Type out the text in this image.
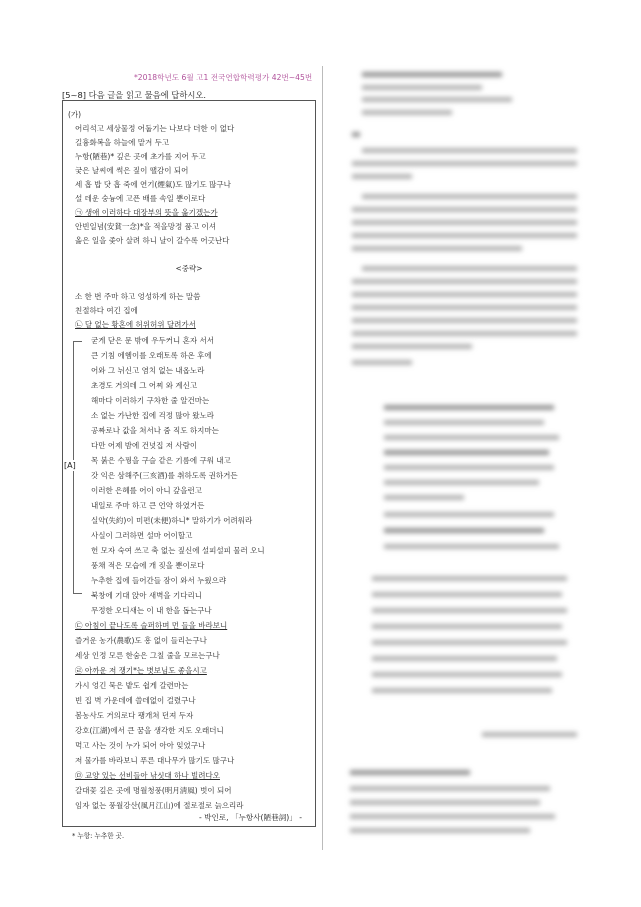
*2018학년도 6월 고1 전국연합학력평가 42번~45번
[5~8] 다음 글을 읽고 물음에 답하시오.
(가)
어리석고 세상물정 어둡기는 나보다 더한 이 없다
길흉화복을 하늘에 맡겨 두고
누항(陋巷)* 깊은 곳에 초가를 지어 두고
궂은 날씨에 썩은 짚이 땔감이 되어
세 홉 밥 닷 홉 죽에 연기(煙氣)도 많기도 많구나
설 데운 숭늉에 고픈 배를 속일 뿐이로다
㉠ 생애 이러하다 대장부의 뜻을 옮기겠는가
안빈일념(安貧一念)*을 적을망정 품고 이셔
옳은 일을 좇아 살려 하니 날이 갈수록 어긋난다
<중략>
소 한 번 주마 하고 엉성하게 하는 말씀
친절하다 여긴 집에
㉡ 달 없는 황혼에 허위허위 달려가서
[A]
굳게 닫은 문 밖에 우두커니 혼자 서서
큰 기침 에헴이를 오래토록 하온 후에
어와 그 뉘신고 염치 없는 내옵노라
초경도 거의데 그 어찌 와 계신고
해마다 이러하기 구차한 줄 알건마는
소 없는 가난한 집에 걱정 많아 왔노라
공짜로나 값을 쳐서나 줌 직도 하지마는
다만 어제 밤에 건넛집 저 사람이
목 붉은 수꿩을 구슬 같은 기름에 구워 내고
갓 익은 삼해주(三亥酒)를 취하도록 권하거든
이러한 은혜를 어이 아니 갚을런고
내일로 주마 하고 큰 언약 하였거든
실약(失約)이 미편(未便)하니* 말하기가 어려워라
사실이 그러하면 설마 어이할고
헌 모자 숙여 쓰고 축 없는 짚신에 설피설피 물러 오니
풍채 적은 모습에 개 짖을 뿐이로다
누추한 집에 들어간들 잠이 와서 누웠으랴
북창에 기대 앉아 새벽을 기다리니
무정한 오디새는 이 내 한을 돕는구나
㉢ 아침이 끝나도록 슬퍼하며 먼 들을 바라보니
즐거운 농가(農歌)도 흥 없이 들리는구나
세상 인정 모른 한숨은 그칠 줄을 모르는구나
㉣ 아까운 저 쟁기*는 볏보님도 좋을시고
가시 엉긴 묵은 밭도 쉽게 갈련마는
빈 집 벽 가운데에 쓸데없이 걸렸구나
봄농사도 거의로다 팽개쳐 던져 두자
강호(江湖)에서 큰 꿈을 생각한 지도 오래더니
먹고 사는 것이 누가 되어 아아 잊었구나
저 물가를 바라보니 푸른 대나무가 많기도 많구나
㉤ 교양 있는 선비들아 낚싯대 하나 빌려다오
갈대꽃 깊은 곳에 명월청풍(明月淸風) 벗이 되어
임자 없는 풍월강산(風月江山)에 절로절로 늙으리라
- 박인로, 「누항사(陋巷詞)」 -
* 누항: 누추한 곳.
